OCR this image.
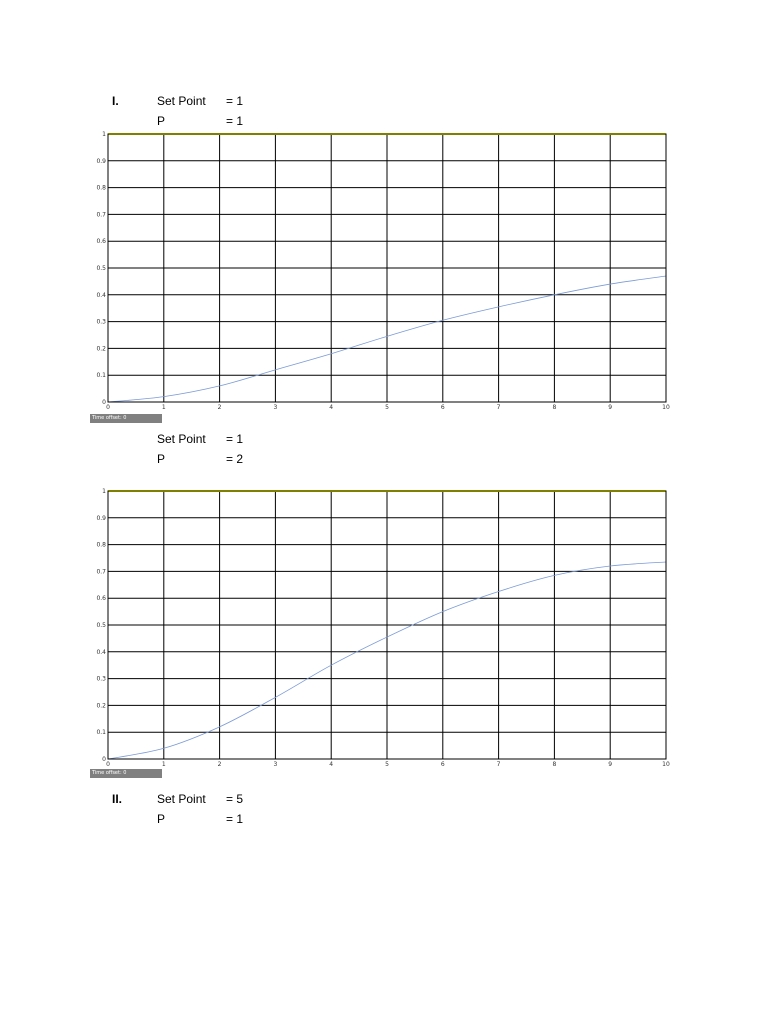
I.	Set Point = 1
P	= 1
0	1	2	3	4	5	6	7	8	9	10
0
0.1
0.2
0.3
0.4
0.5
0.6
0.7
0.8
0.9
1
Time offset: 0
Set Point = 1
P	= 2
0	1	2	3	4	5	6	7	8	9	10
0
0.1
0.2
0.3
0.4
0.5
0.6
0.7
0.8
0.9
1
Time offset: 0
II.	Set Point = 5
P	= 1
